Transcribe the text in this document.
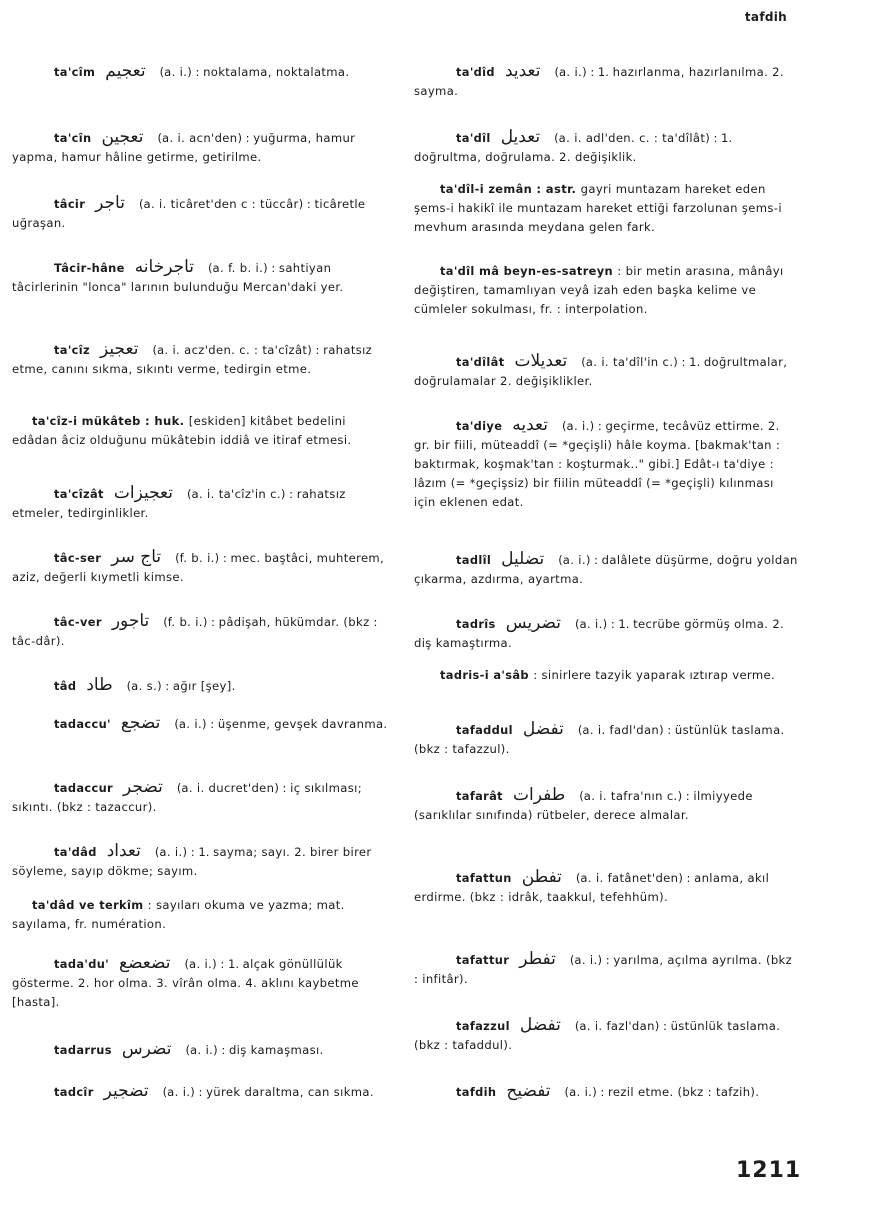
tafdih
ta'cîm تعجيم (a. i.) : noktalama, noktalatma.
ta'cîn تعجين (a. i. acn'den) : yuğurma, hamur yapma, hamur hâline getirme, getirilme.
tâcir تاجر (a. i. ticâret'den c : tüccâr) : ticâretle uğraşan.
Tâcir-hâne تاجرخانه (a. f. b. i.) : sahtiyan tâcirlerinin "lonca" larının bulunduğu Mercan'daki yer.
ta'cîz تعجيز (a. i. acz'den. c. : ta'cîzât) : rahatsız etme, canını sıkma, sıkıntı verme, tedirgin etme.
ta'cîz-i mükâteb : huk. [eskiden] kitâbet bedelini edâdan âciz olduğunu mükâtebin iddiâ ve itiraf etmesi.
ta'cîzât تعجيزات (a. i. ta'cîz'in c.) : rahatsız etmeler, tedirginlikler.
tâc-ser تاج سر (f. b. i.) : mec. baştâci, muhterem, aziz, değerli kıymetli kimse.
tâc-ver تاجور (f. b. i.) : pâdişah, hükümdar. (bkz : tâc-dâr).
tâd طاد (a. s.) : ağır [şey].
tadaccu' تضجع (a. i.) : üşenme, gevşek davranma.
tadaccur تضجر (a. i. ducret'den) : iç sıkılması; sıkıntı. (bkz : tazaccur).
ta'dâd تعداد (a. i.) : 1. sayma; sayı. 2. birer birer söyleme, sayıp dökme; sayım.
ta'dâd ve terkîm : sayıları okuma ve yazma; mat. sayılama, fr. numération.
tada'du' تضعضع (a. i.) : 1. alçak gönüllülük gösterme. 2. hor olma. 3. vîrân olma. 4. aklını kaybetme [hasta].
tadarrus تضرس (a. i.) : diş kamaşması.
tadcîr تضجير (a. i.) : yürek daraltma, can sıkma.
ta'dîd تعديد (a. i.) : 1. hazırlanma, hazırlanılma. 2. sayma.
ta'dîl تعديل (a. i. adl'den. c. : ta'dîlât) : 1. doğrultma, doğrulama. 2. değişiklik.
ta'dîl-i zemân : astr. gayri muntazam hareket eden şems-i hakikî ile muntazam hareket ettiği farzolunan şems-i mevhum arasında meydana gelen fark.
ta'dîl mâ beyn-es-satreyn : bir metin arasına, mânâyı değiştiren, tamamlıyan veyâ izah eden başka kelime ve cümleler sokulması, fr. : interpolation.
ta'dîlât تعديلات (a. i. ta'dîl'in c.) : 1. doğrultmalar, doğrulamalar 2. değişiklikler.
ta'diye تعديه (a. i.) : geçirme, tecâvüz ettirme. 2. gr. bir fiili, müteaddî (= *geçişli) hâle koyma. [bakmak'tan : baktırmak, koşmak'tan : koşturmak.." gibi.] Edât-ı ta'diye : lâzım (= *geçişsiz) bir fiilin müteaddî (= *geçişli) kılınması için eklenen edat.
tadlîl تضليل (a. i.) : dalâlete düşürme, doğru yoldan çıkarma, azdırma, ayartma.
tadrîs تضريس (a. i.) : 1. tecrübe görmüş olma. 2. diş kamaştırma.
tadris-i a'sâb : sinirlere tazyik yaparak ıztırap verme.
tafaddul تفضل (a. i. fadl'dan) : üstünlük taslama. (bkz : tafazzul).
tafarât طفرات (a. i. tafra'nın c.) : ilmiyyede (sarıklılar sınıfında) rütbeler, derece almalar.
tafattun تفطن (a. i. fatânet'den) : anlama, akıl erdirme. (bkz : idrâk, taakkul, tefehhüm).
tafattur تفطر (a. i.) : yarılma, açılma ayrılma. (bkz : infitâr).
tafazzul تفضل (a. i. fazl'dan) : üstünlük taslama. (bkz : tafaddul).
tafdih تفضيح (a. i.) : rezil etme. (bkz : tafzih).
1211
